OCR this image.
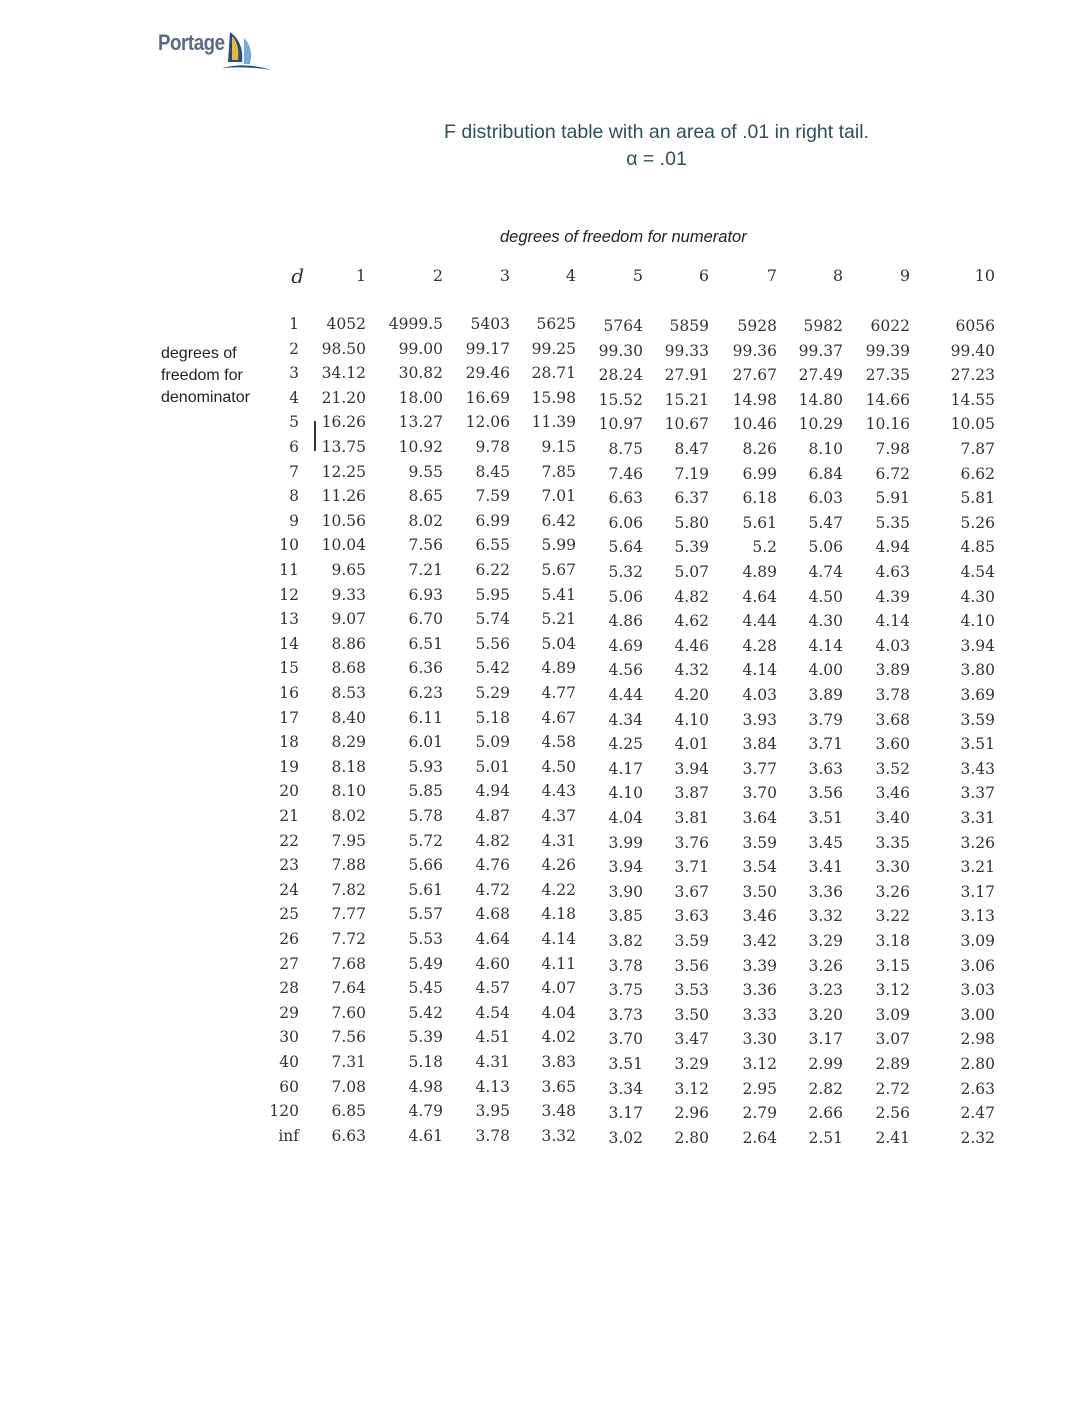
Portage
F distribution table with an area of .01 in right tail.
α = .01
degrees of freedom for numerator
degrees of
freedom for
denominator
d	1	2	3	4	5	6	7	8	9	10
1 4052 4999.5 5403 5625 5764 5859 5928 5982 6022	6056
2 98.50 99.00 99.17 99.25 99.30 99.33 99.36 99.37 99.39	99.40
3 34.12 30.82 29.46 28.71 28.24 27.91 27.67 27.49 27.35	27.23
4 21.20 18.00 16.69 15.98 15.52 15.21 14.98 14.80 14.66	14.55
5 16.26 13.27 12.06 11.39 10.97 10.67 10.46 10.29 10.16	10.05
6 13.75 10.92 9.78 9.15 8.75 8.47 8.26 8.10 7.98	7.87
7 12.25	9.55 8.45 7.85 7.46 7.19 6.99 6.84 6.72	6.62
8 11.26	8.65 7.59 7.01 6.63 6.37 6.18 6.03 5.91	5.81
9 10.56	8.02 6.99 6.42 6.06 5.80 5.61 5.47 5.35	5.26
10 10.04	7.56 6.55 5.99 5.64 5.39	5.2 5.06 4.94	4.85
11 9.65	7.21 6.22 5.67 5.32 5.07 4.89 4.74 4.63	4.54
12 9.33	6.93 5.95 5.41 5.06 4.82 4.64 4.50 4.39	4.30
13 9.07	6.70 5.74 5.21 4.86 4.62 4.44 4.30 4.14	4.10
14 8.86	6.51 5.56 5.04 4.69 4.46 4.28 4.14 4.03	3.94
15 8.68	6.36 5.42 4.89 4.56 4.32 4.14 4.00 3.89	3.80
16 8.53	6.23 5.29 4.77 4.44 4.20 4.03 3.89 3.78	3.69
17 8.40	6.11 5.18 4.67 4.34 4.10 3.93 3.79 3.68	3.59
18 8.29	6.01 5.09 4.58 4.25 4.01 3.84 3.71 3.60	3.51
19 8.18	5.93 5.01 4.50 4.17 3.94 3.77 3.63 3.52	3.43
20 8.10	5.85 4.94 4.43 4.10 3.87 3.70 3.56 3.46	3.37
21 8.02	5.78 4.87 4.37 4.04 3.81 3.64 3.51 3.40	3.31
22 7.95	5.72 4.82 4.31 3.99 3.76 3.59 3.45 3.35	3.26
23 7.88	5.66 4.76 4.26 3.94 3.71 3.54 3.41 3.30	3.21
24 7.82	5.61 4.72 4.22 3.90 3.67 3.50 3.36 3.26	3.17
25 7.77	5.57 4.68 4.18 3.85 3.63 3.46 3.32 3.22	3.13
26 7.72	5.53 4.64 4.14 3.82 3.59 3.42 3.29 3.18	3.09
27 7.68	5.49 4.60 4.11 3.78 3.56 3.39 3.26 3.15	3.06
28 7.64	5.45 4.57 4.07 3.75 3.53 3.36 3.23 3.12	3.03
29 7.60	5.42 4.54 4.04 3.73 3.50 3.33 3.20 3.09	3.00
30 7.56	5.39 4.51 4.02 3.70 3.47 3.30 3.17 3.07	2.98
40 7.31	5.18 4.31 3.83 3.51 3.29 3.12 2.99 2.89	2.80
60 7.08	4.98 4.13 3.65 3.34 3.12 2.95 2.82 2.72	2.63
120 6.85	4.79 3.95 3.48 3.17 2.96 2.79 2.66 2.56	2.47
inf 6.63	4.61 3.78 3.32 3.02 2.80 2.64 2.51 2.41	2.32
